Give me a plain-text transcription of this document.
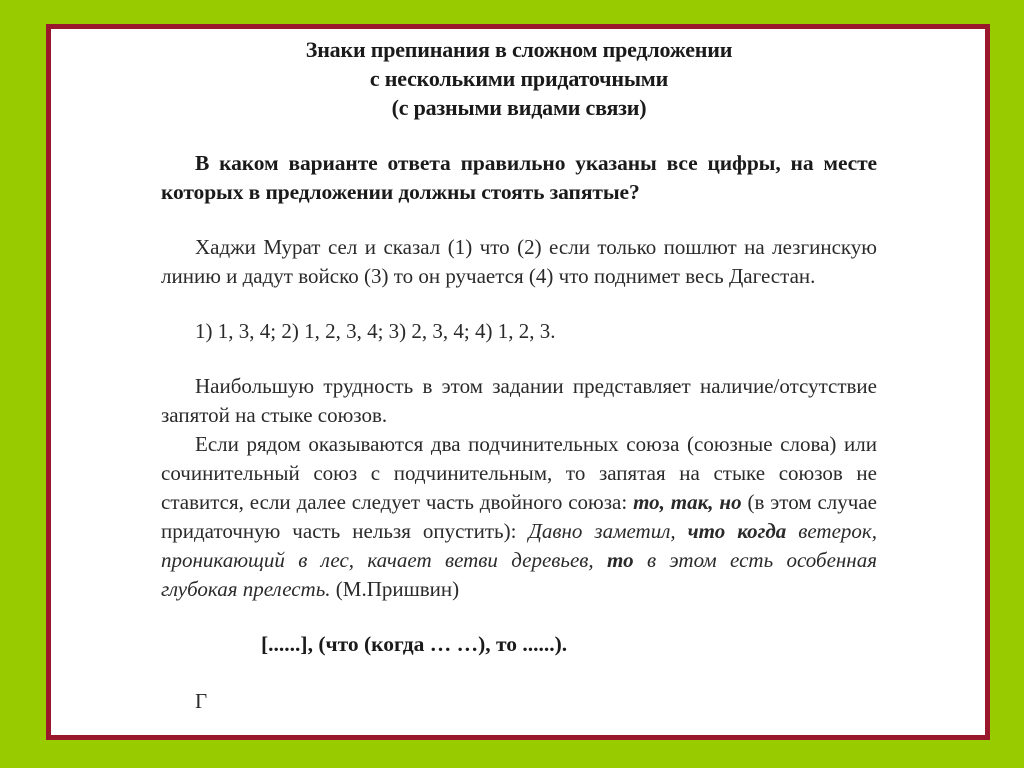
Знаки препинания в сложном предложении
с несколькими придаточными
(с разными видами связи)

В каком варианте ответа правильно указаны все цифры, на месте которых в предложении должны стоять запятые?

Хаджи Мурат сел и сказал (1) что (2) если только пошлют на лезгинскую линию и дадут войско (3) то он ручается (4) что поднимет весь Дагестан.

1) 1, 3, 4; 2) 1, 2, 3, 4; 3) 2, 3, 4; 4) 1, 2, 3.

Наибольшую трудность в этом задании представляет наличие/отсутствие запятой на стыке союзов.

Если рядом оказываются два подчинительных союза (союзные слова) или сочинительный союз с подчинительным, то запятая на стыке союзов не ставится, если далее следует часть двойного союза: то, так, но (в этом случае придаточную часть нельзя опустить): Давно заметил, что когда ветерок, проникающий в лес, качает ветви деревьев, то в этом есть особенная глубокая прелесть. (М.Пришвин)

[......], (что (когда … …), то ......).
Г
